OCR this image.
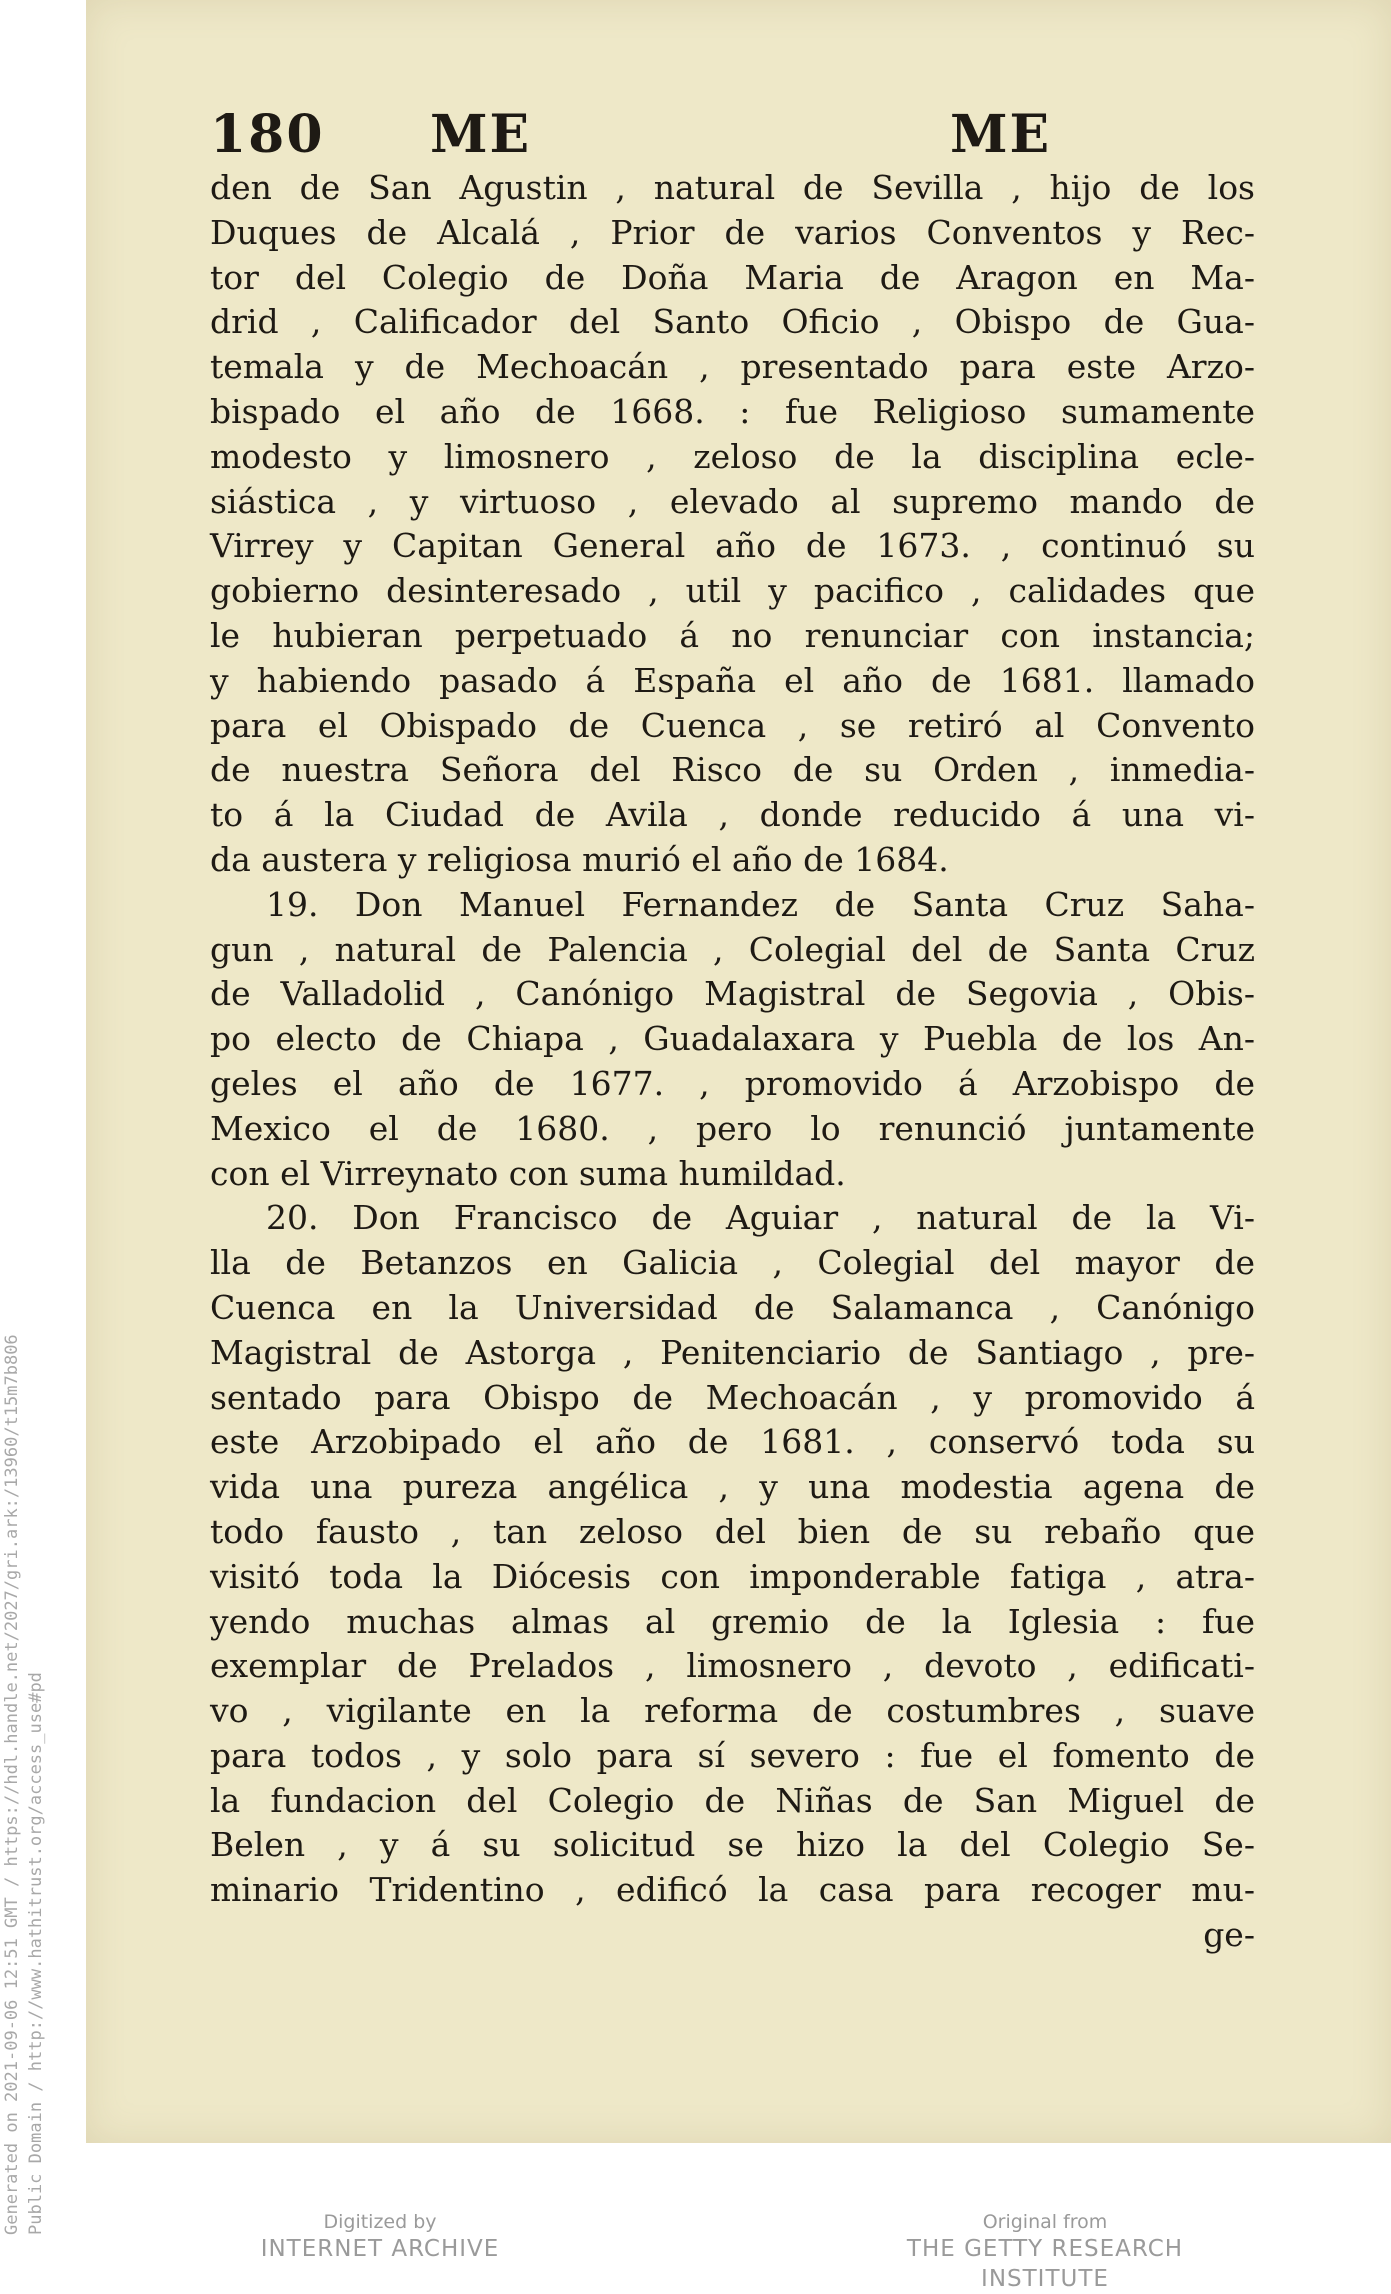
Generated on 2021-09-06 12:51 GMT / https://hdl.handle.net/2027/gri.ark:/13960/t15m7b806 Public Domain / http://www.hathitrust.org/access_use#pd
180 ME	ME
den de San Agustin , natural de Sevilla , hijo de los
Duques de Alcalá , Prior de varios Conventos y Rec-
tor del Colegio de Doña Maria de Aragon en Ma-
drid , Calificador del Santo Oficio , Obispo de Gua-
temala y de Mechoacán , presentado para este Arzo-
bispado el año de 1668. : fue Religioso sumamente
modesto y limosnero , zeloso de la disciplina ecle-
siástica , y virtuoso , elevado al supremo mando de
Virrey y Capitan General año de 1673. , continuó su
gobierno desinteresado , util y pacifico , calidades que
le hubieran perpetuado á no renunciar con instancia;
y habiendo pasado á España el año de 1681. llamado
para el Obispado de Cuenca , se retiró al Convento
de nuestra Señora del Risco de su Orden , inmedia-
to á la Ciudad de Avila , donde reducido á una vi-
da austera y religiosa murió el año de 1684.
19. Don Manuel Fernandez de Santa Cruz Saha-
gun , natural de Palencia , Colegial del de Santa Cruz
de Valladolid , Canónigo Magistral de Segovia , Obis-
po electo de Chiapa , Guadalaxara y Puebla de los An-
geles el año de 1677. , promovido á Arzobispo de
Mexico el de 1680. , pero lo renunció juntamente
con el Virreynato con suma humildad.
20. Don Francisco de Aguiar , natural de la Vi-
lla de Betanzos en Galicia , Colegial del mayor de
Cuenca en la Universidad de Salamanca , Canónigo
Magistral de Astorga , Penitenciario de Santiago , pre-
sentado para Obispo de Mechoacán , y promovido á
este Arzobipado el año de 1681. , conservó toda su
vida una pureza angélica , y una modestia agena de
todo fausto , tan zeloso del bien de su rebaño que
visitó toda la Diócesis con imponderable fatiga , atra-
yendo muchas almas al gremio de la Iglesia : fue
exemplar de Prelados , limosnero , devoto , edificati-
vo , vigilante en la reforma de costumbres , suave
para todos , y solo para sí severo : fue el fomento de
la fundacion del Colegio de Niñas de San Miguel de
Belen , y á su solicitud se hizo la del Colegio Se-
minario Tridentino , edificó la casa para recoger mu-
ge-
Digitized by
INTERNET ARCHIVE
Original from
THE GETTY RESEARCH INSTITUTE
